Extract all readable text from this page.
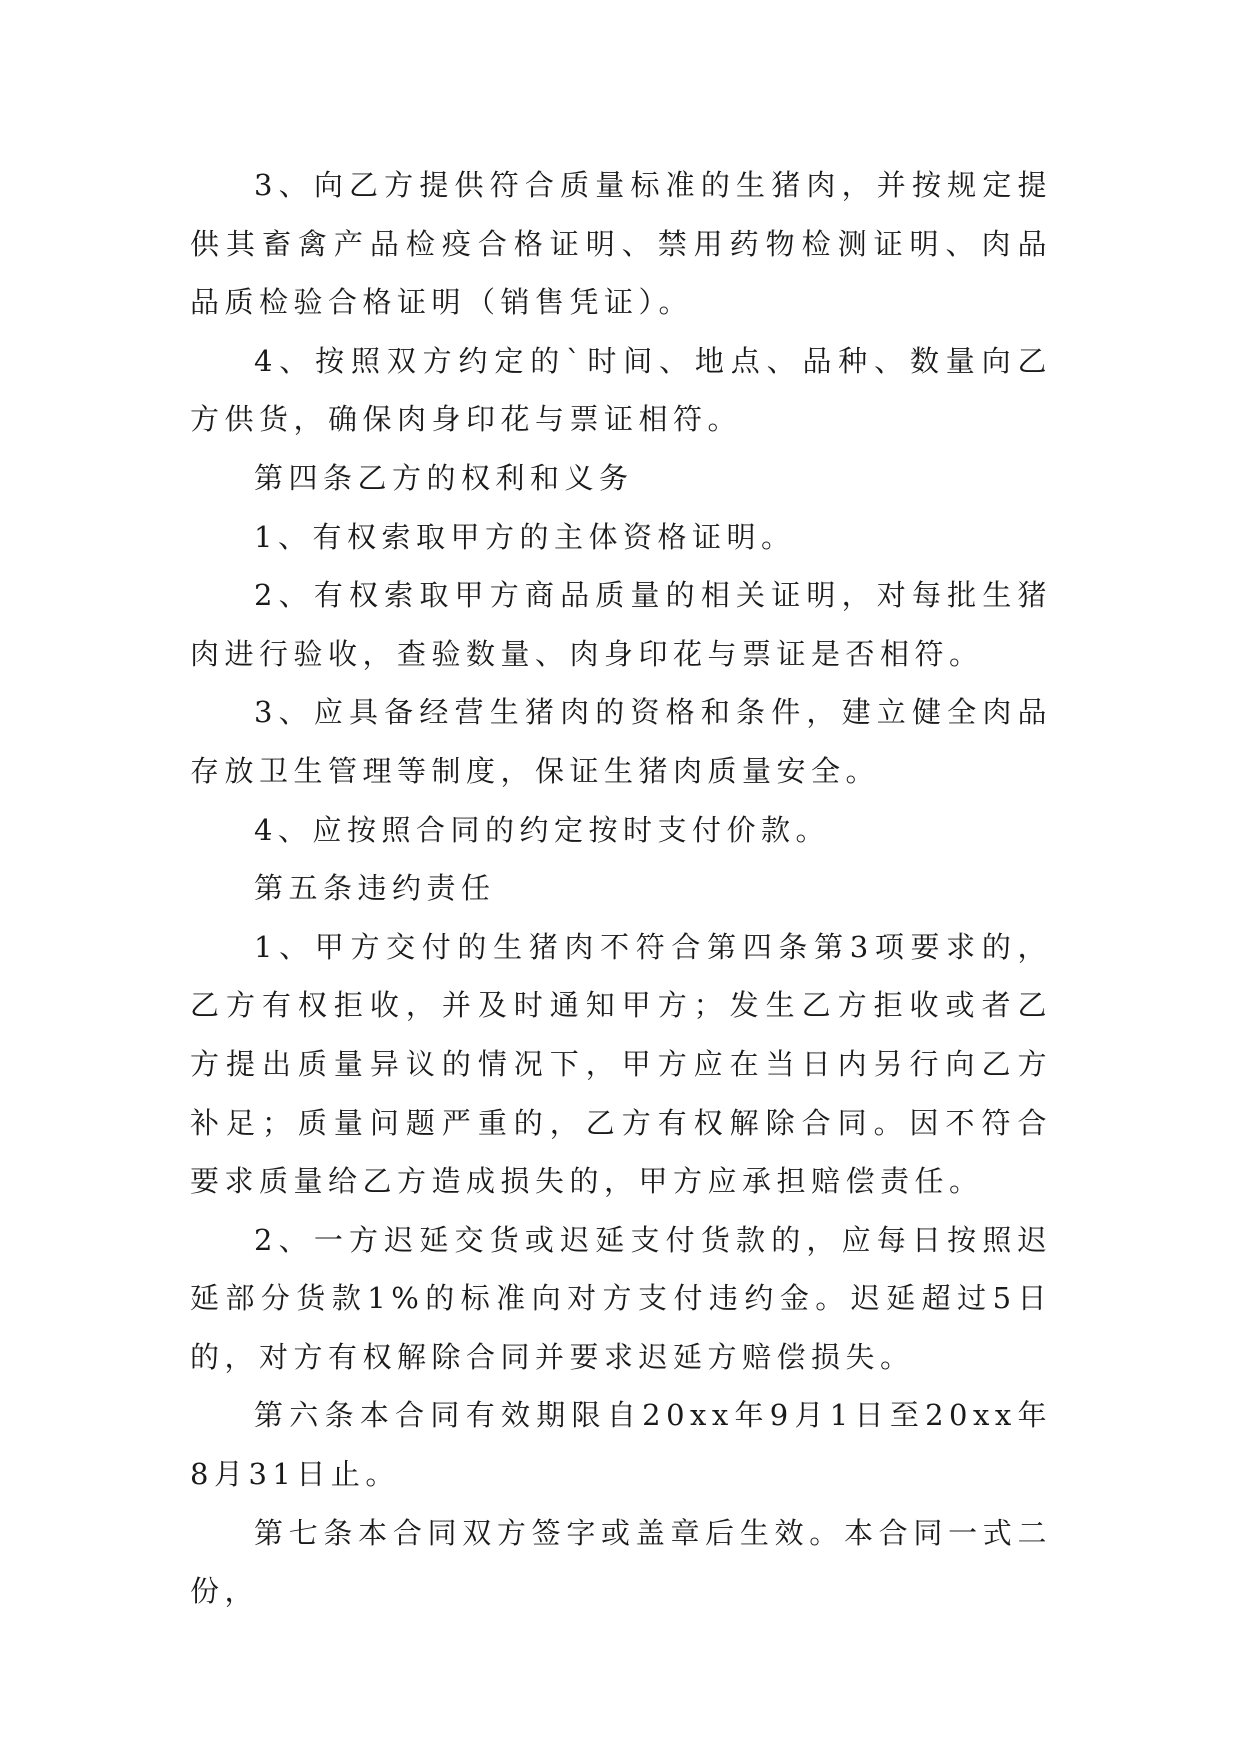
3、向乙方提供符合质量标准的生猪肉，并按规定提供其畜禽产品检疫合格证明、禁用药物检测证明、肉品品质检验合格证明（销售凭证）。

4、按照双方约定的`时间、地点、品种、数量向乙方供货，确保肉身印花与票证相符。

第四条乙方的权利和义务

1、有权索取甲方的主体资格证明。

2、有权索取甲方商品质量的相关证明，对每批生猪肉进行验收，查验数量、肉身印花与票证是否相符。

3、应具备经营生猪肉的资格和条件，建立健全肉品存放卫生管理等制度，保证生猪肉质量安全。

4、应按照合同的约定按时支付价款。

第五条违约责任

1、甲方交付的生猪肉不符合第四条第3项要求的，乙方有权拒收，并及时通知甲方；发生乙方拒收或者乙方提出质量异议的情况下，甲方应在当日内另行向乙方补足；质量问题严重的，乙方有权解除合同。因不符合要求质量给乙方造成损失的，甲方应承担赔偿责任。

2、一方迟延交货或迟延支付货款的，应每日按照迟延部分货款1%的标准向对方支付违约金。迟延超过5日的，对方有权解除合同并要求迟延方赔偿损失。

第六条本合同有效期限自20xx年9月1日至20xx年8月31日止。

第七条本合同双方签字或盖章后生效。本合同一式二份，
